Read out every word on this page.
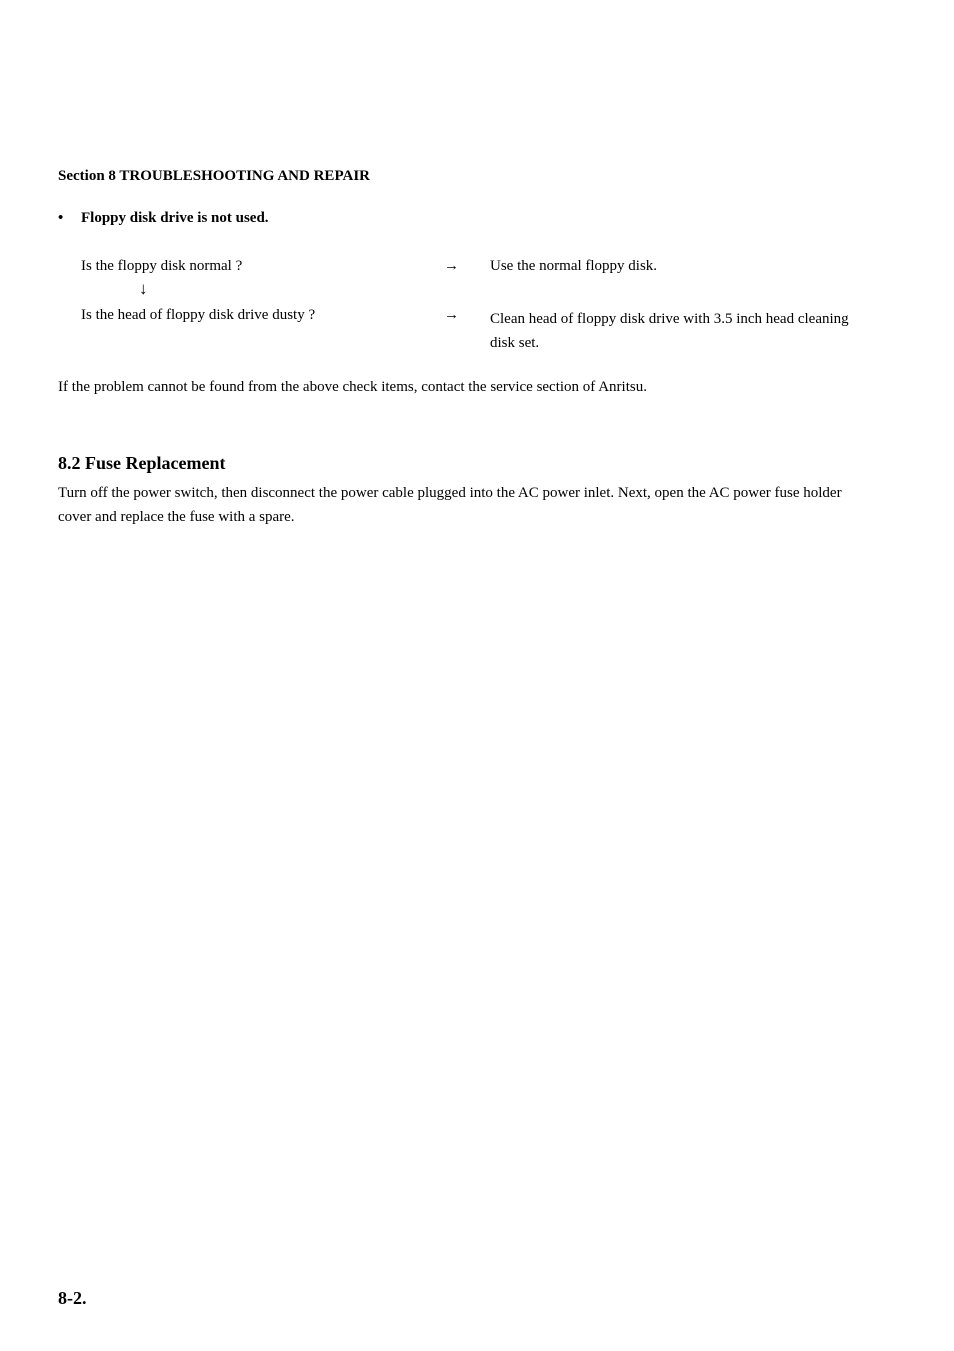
Section 8 TROUBLESHOOTING AND REPAIR
• Floppy disk drive is not used.
Is the floppy disk normal ?	→ Use the normal floppy disk.
↓
Is the head of floppy disk drive dusty ?	→ Clean head of floppy disk drive with 3.5 inch head cleaning disk set.
If the problem cannot be found from the above check items, contact the service section of Anritsu.
8.2 Fuse Replacement
Turn off the power switch, then disconnect the power cable plugged into the AC power inlet. Next, open the AC power fuse holder cover and replace the fuse with a spare.
8-2.
